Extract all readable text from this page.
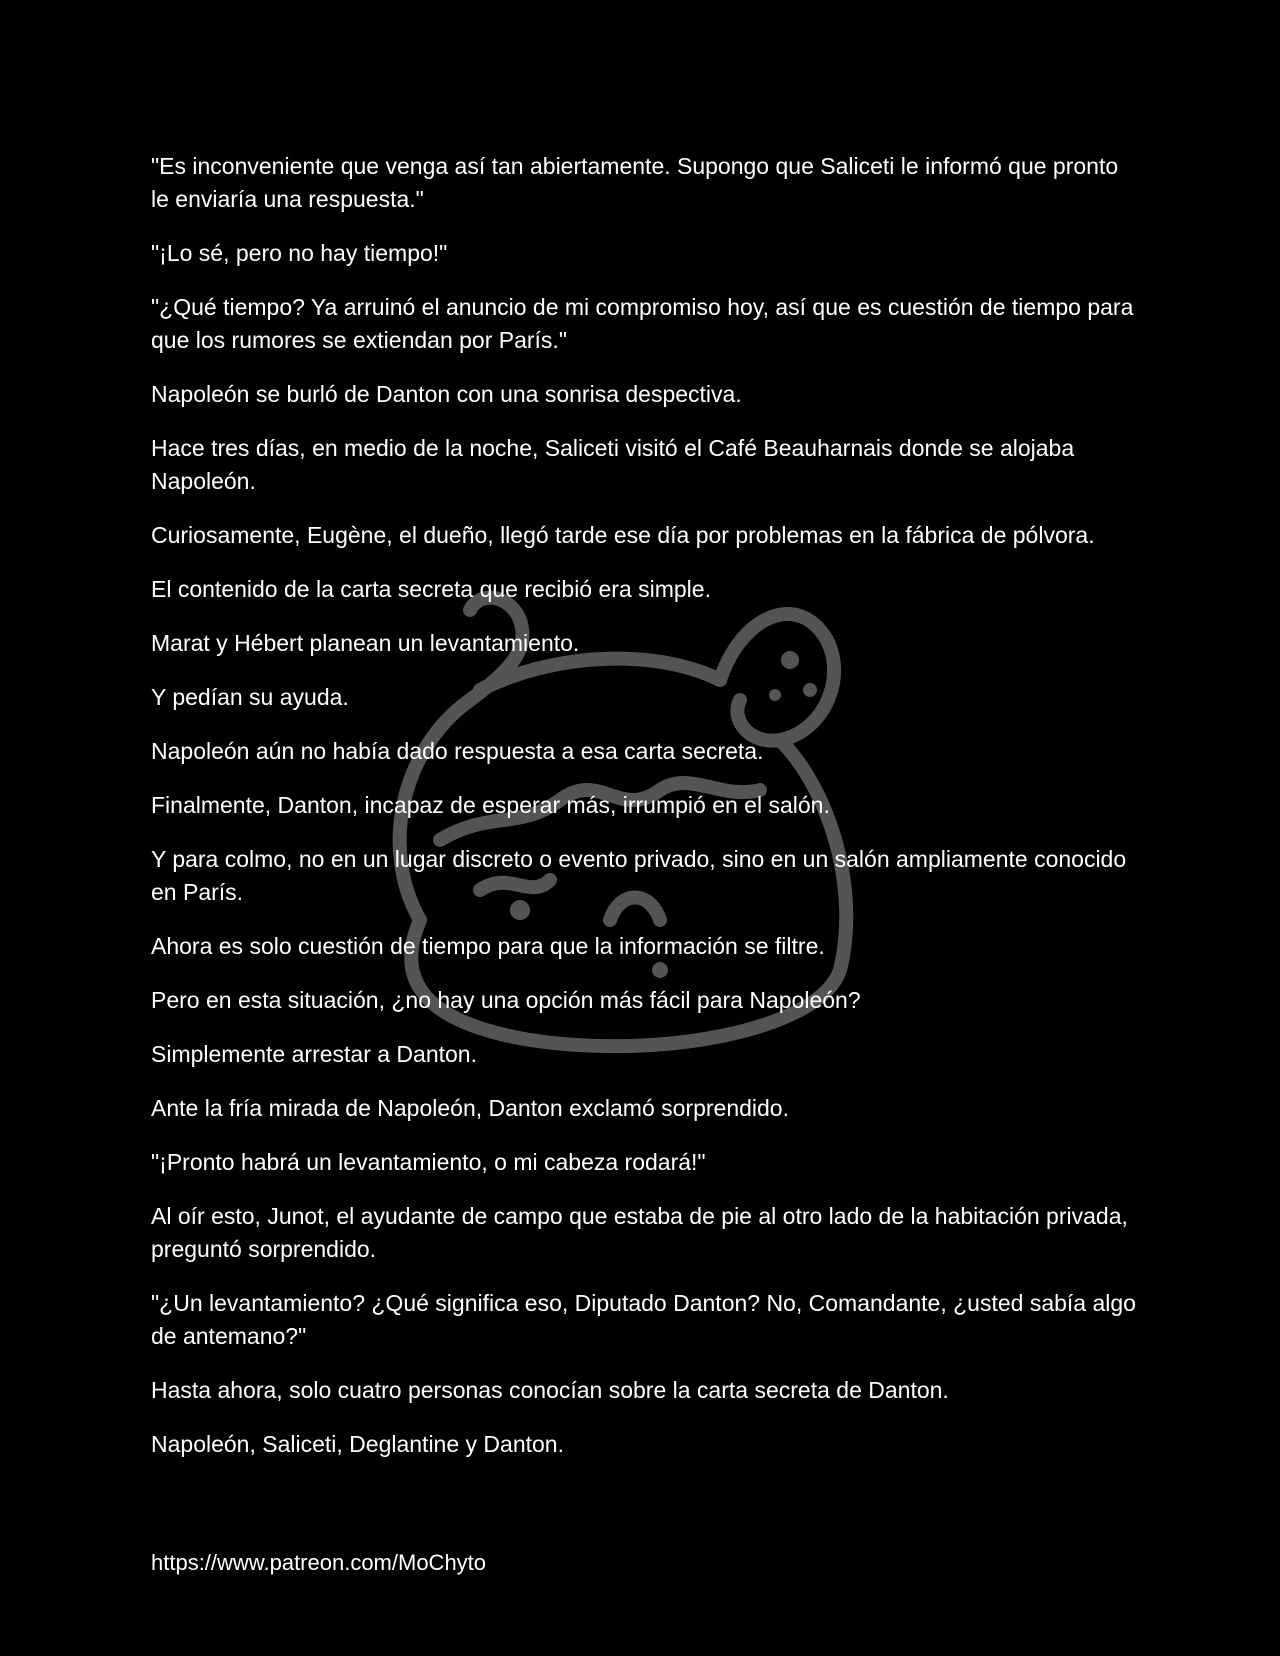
"Es inconveniente que venga así tan abiertamente. Supongo que Saliceti le informó que pronto le enviaría una respuesta."

"¡Lo sé, pero no hay tiempo!"

"¿Qué tiempo? Ya arruinó el anuncio de mi compromiso hoy, así que es cuestión de tiempo para que los rumores se extiendan por París."

Napoleón se burló de Danton con una sonrisa despectiva.

Hace tres días, en medio de la noche, Saliceti visitó el Café Beauharnais donde se alojaba Napoleón.

Curiosamente, Eugène, el dueño, llegó tarde ese día por problemas en la fábrica de pólvora.

El contenido de la carta secreta que recibió era simple.

Marat y Hébert planean un levantamiento.

Y pedían su ayuda.

Napoleón aún no había dado respuesta a esa carta secreta.

Finalmente, Danton, incapaz de esperar más, irrumpió en el salón.

Y para colmo, no en un lugar discreto o evento privado, sino en un salón ampliamente conocido en París.

Ahora es solo cuestión de tiempo para que la información se filtre.

Pero en esta situación, ¿no hay una opción más fácil para Napoleón?

Simplemente arrestar a Danton.

Ante la fría mirada de Napoleón, Danton exclamó sorprendido.

"¡Pronto habrá un levantamiento, o mi cabeza rodará!"

Al oír esto, Junot, el ayudante de campo que estaba de pie al otro lado de la habitación privada, preguntó sorprendido.

"¿Un levantamiento? ¿Qué significa eso, Diputado Danton? No, Comandante, ¿usted sabía algo de antemano?"

Hasta ahora, solo cuatro personas conocían sobre la carta secreta de Danton.

Napoleón, Saliceti, Deglantine y Danton.

https://www.patreon.com/MoChyto
